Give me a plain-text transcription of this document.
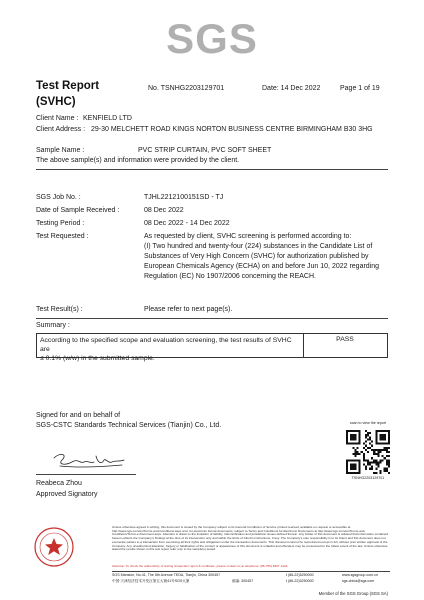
SGS
Test Report
(SVHC)
No. TSNHG2203129701	Date: 14 Dec 2022	Page 1 of 19
Client Name : KENFIELD LTD
Client Address : 29-30 MELCHETT ROAD KINGS NORTON BUSINESS CENTRE BIRMINGHAM B30 3HG
Sample Name :	PVC STRIP CURTAIN, PVC SOFT SHEET
The above sample(s) and information were provided by the client.
SGS Job No. :	TJHL2212100151SD - TJ
Date of Sample Received :	08 Dec 2022
Testing Period :	08 Dec 2022 - 14 Dec 2022
Test Requested :	As requested by client, SVHC screening is performed according to:
(I) Two hundred and twenty-four (224) substances in the Candidate List of
Substances of Very High Concern (SVHC) for authorization published by
European Chemicals Agency (ECHA) on and before Jun 10, 2022 regarding
Regulation (EC) No 1907/2006 concerning the REACH.
Test Result(s) :	Please refer to next page(s).
Summary :
According to the specified scope and evaluation screening, the test results of SVHC are
≤ 0.1% (w/w) in the submitted sample.
PASS
Signed for and on behalf of
SGS-CSTC Standards Technical Services (Tianjin) Co., Ltd.
Reabeca Zhou
Approved Signatory
scan to view the report
TSNHG2203129701
Unless otherwise agreed in writing, this document is issued by the Company subject to its General Conditions of Service printed overleaf, available on request or accessible at http://www.sgs.com/en/Terms-and-Conditions.aspx and, for electronic format documents, subject to Terms and Conditions for Electronic Documents at http://www.sgs.com/en/Terms-and-Conditions/Terms-e-Document.aspx. Attention is drawn to the limitation of liability, indemnification and jurisdiction issues defined therein. Any holder of this document is advised that information contained hereon reflects the Company's findings at the time of its intervention only and within the limits of Client's instructions, if any. The Company's sole responsibility is to its Client and this document does not exonerate parties to a transaction from exercising all their rights and obligations under the transaction documents. This document cannot be reproduced except in full, without prior written approval of the Company. Any unauthorized alteration, forgery or falsification of the content or appearance of this document is unlawful and offenders may be prosecuted to the fullest extent of the law. Unless otherwise stated the results shown in this test report refer only to the sample(s) tested.
Attention: To check the authenticity of testing /inspection report & certificate, please contact us at telephone: (86-755) 8307 1443,
SGS Mansion, No.41, The 5th Avenue TEDA, Tianjin, China 300457
中国·天津经济技术开发区第五大街41号SGS大厦	邮编: 300457
t (86-22)5250000
t (86-22)5250000
www.sgsgroup.com.cn
sgs.china@sgs.com
Member of the SGS Group (SGS SA)
